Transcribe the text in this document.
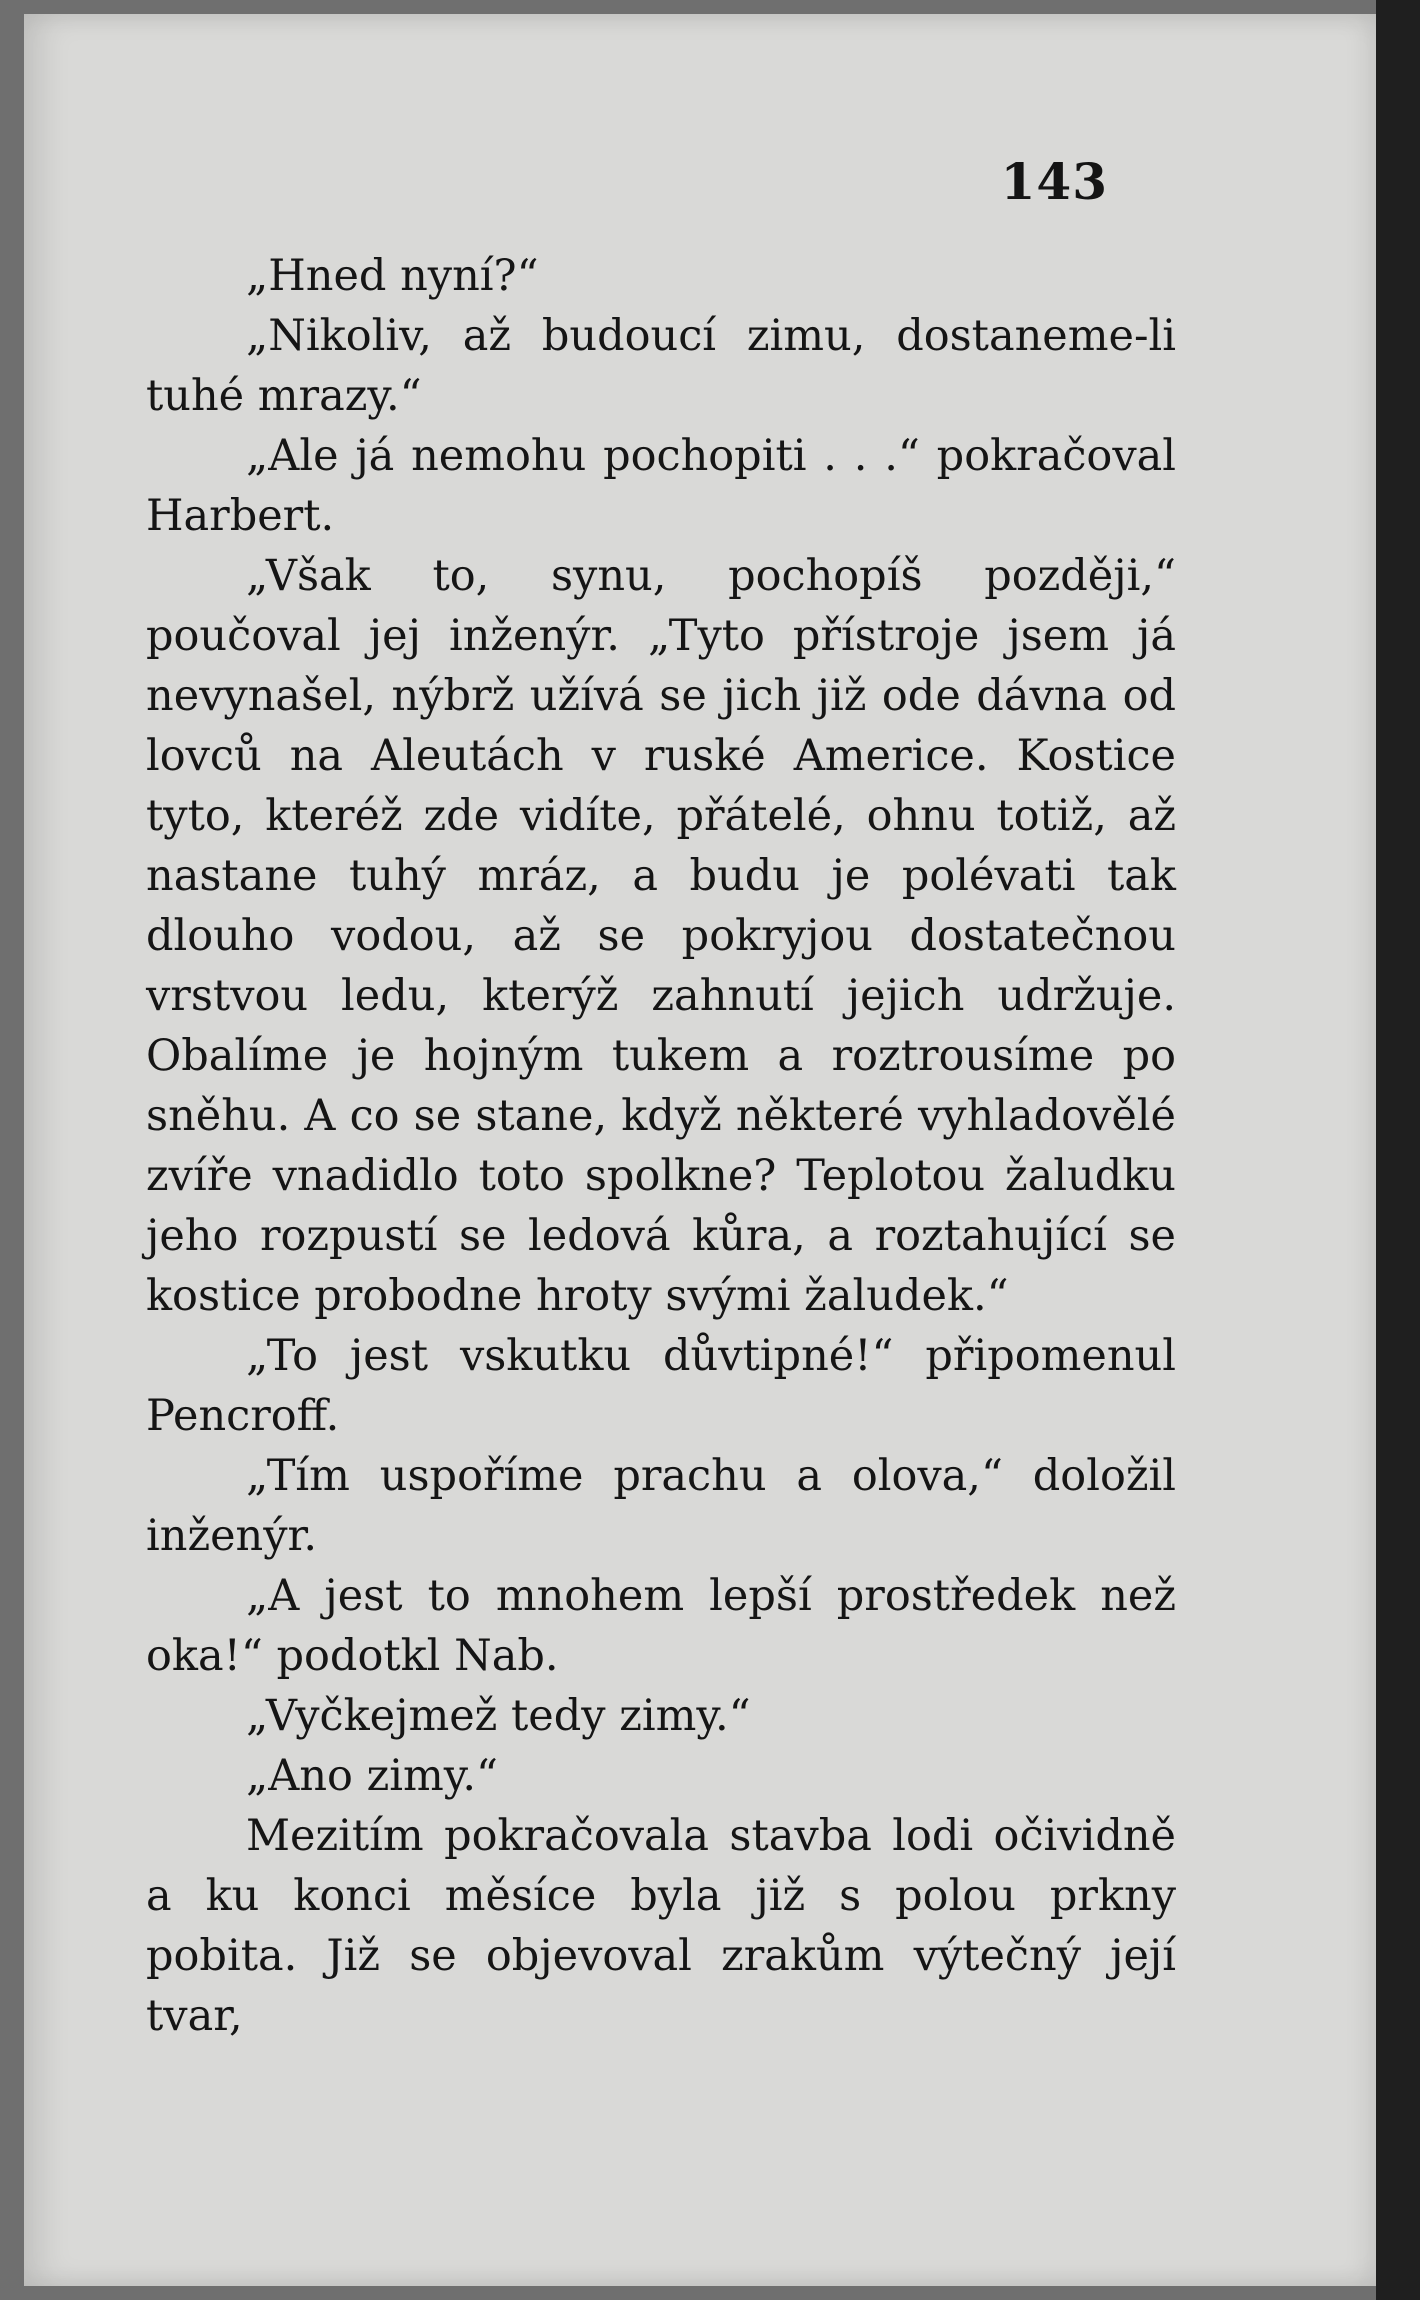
143

„Hned nyní?“

„Nikoliv, až budoucí zimu, dostaneme-li tuhé mrazy.“

„Ale já nemohu pochopiti . . .“ pokračoval Harbert.

„Však to, synu, pochopíš později,“ poučoval jej inženýr. „Tyto přístroje jsem já nevynašel, nýbrž užívá se jich již ode dávna od lovců na Aleutách v ruské Americe. Kostice tyto, kteréž zde vidíte, přátelé, ohnu totiž, až nastane tuhý mráz, a budu je polévati tak dlouho vodou, až se pokryjou dostatečnou vrstvou ledu, kterýž zahnutí jejich udržuje. Obalíme je hojným tukem a roztrousíme po sněhu. A co se stane, když některé vyhladovělé zvíře vnadidlo toto spolkne? Teplotou žaludku jeho rozpustí se ledová kůra, a roztahující se kostice probodne hroty svými žaludek.“

„To jest vskutku důvtipné!“ připomenul Pencroff.

„Tím uspoříme prachu a olova,“ doložil inženýr.

„A jest to mnohem lepší prostředek než oka!“ podotkl Nab.

„Vyčkejmež tedy zimy.“

„Ano zimy.“

Mezitím pokračovala stavba lodi očividně a ku konci měsíce byla již s polou prkny pobita. Již se objevoval zrakům výtečný její tvar,
